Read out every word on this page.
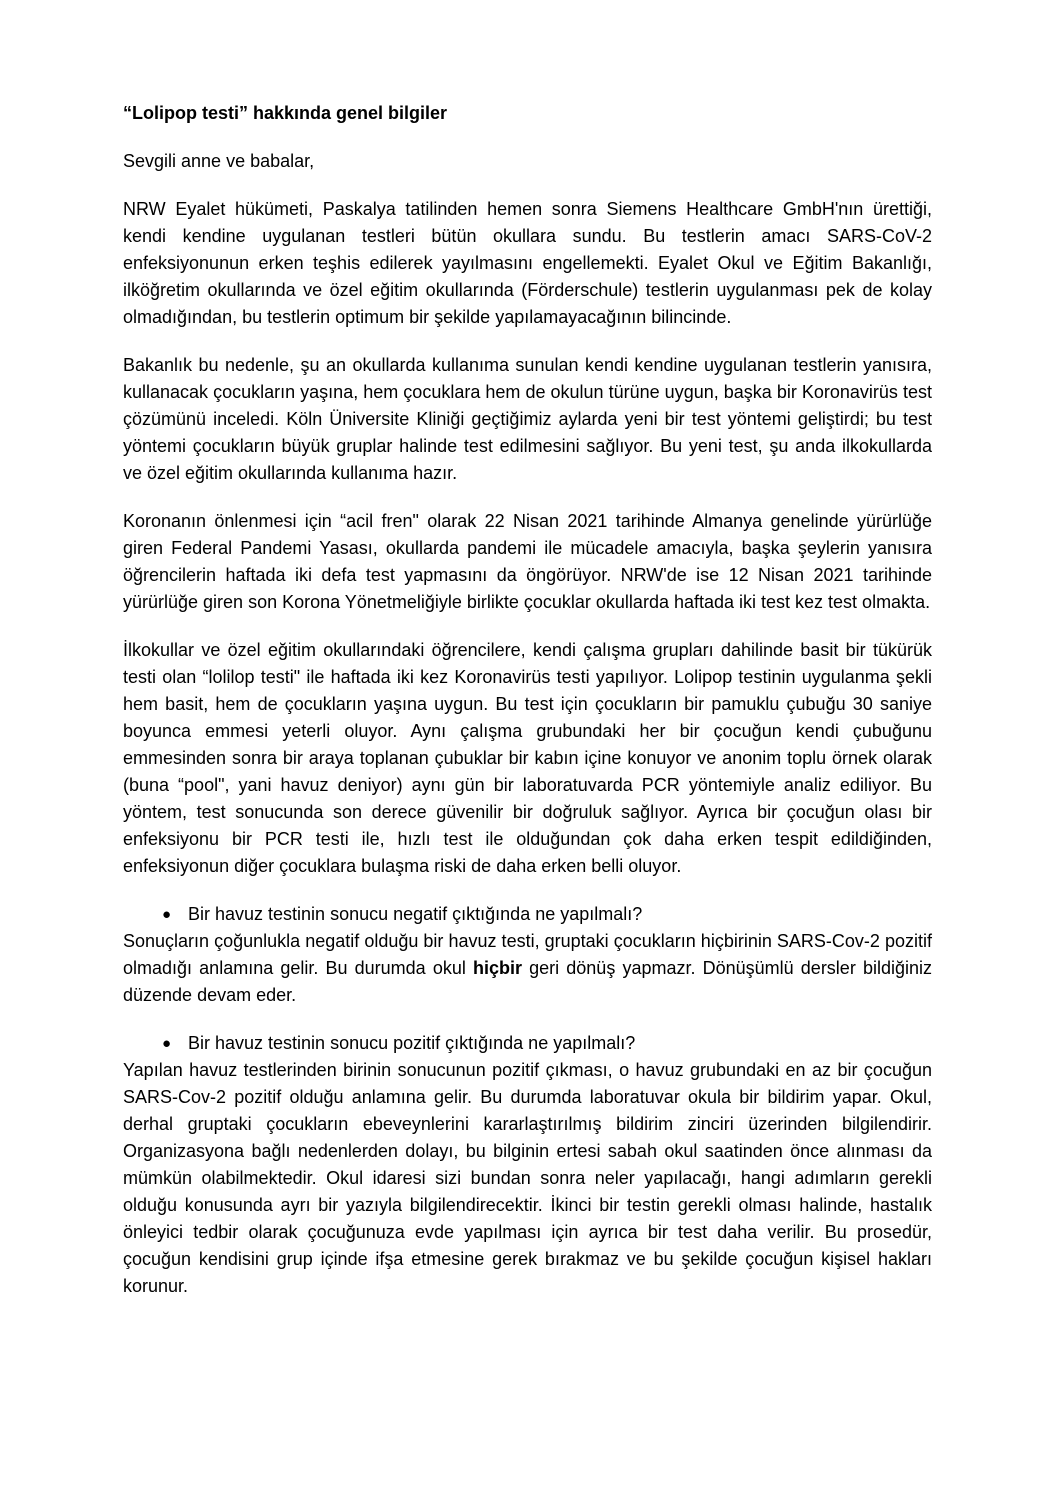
“Lolipop testi” hakkında genel bilgiler

Sevgili anne ve babalar,

NRW Eyalet hükümeti, Paskalya tatilinden hemen sonra Siemens Healthcare GmbH'nın ürettiği, kendi kendine uygulanan testleri bütün okullara sundu. Bu testlerin amacı SARS-CoV-2 enfeksiyonunun erken teşhis edilerek yayılmasını engellemekti. Eyalet Okul ve Eğitim Bakanlığı, ilköğretim okullarında ve özel eğitim okullarında (Förderschule) testlerin uygulanması pek de kolay olmadığından, bu testlerin optimum bir şekilde yapılamayacağının bilincinde.

Bakanlık bu nedenle, şu an okullarda kullanıma sunulan kendi kendine uygulanan testlerin yanısıra, kullanacak çocukların yaşına, hem çocuklara hem de okulun türüne uygun, başka bir Koronavirüs test çözümünü inceledi. Köln Üniversite Kliniği geçtiğimiz aylarda yeni bir test yöntemi geliştirdi; bu test yöntemi çocukların büyük gruplar halinde test edilmesini sağlıyor. Bu yeni test, şu anda ilkokullarda ve özel eğitim okullarında kullanıma hazır.

Koronanın önlenmesi için “acil fren" olarak 22 Nisan 2021 tarihinde Almanya genelinde yürürlüğe giren Federal Pandemi Yasası, okullarda pandemi ile mücadele amacıyla, başka şeylerin yanısıra öğrencilerin haftada iki defa test yapmasını da öngörüyor. NRW'de ise 12 Nisan 2021 tarihinde yürürlüğe giren son Korona Yönetmeliğiyle birlikte çocuklar okullarda haftada iki test kez test olmakta.

İlkokullar ve özel eğitim okullarındaki öğrencilere, kendi çalışma grupları dahilinde basit bir tükürük testi olan “lolilop testi" ile haftada iki kez Koronavirüs testi yapılıyor. Lolipop testinin uygulanma şekli hem basit, hem de çocukların yaşına uygun. Bu test için çocukların bir pamuklu çubuğu 30 saniye boyunca emmesi yeterli oluyor. Aynı çalışma grubundaki her bir çocuğun kendi çubuğunu emmesinden sonra bir araya toplanan çubuklar bir kabın içine konuyor ve anonim toplu örnek olarak (buna “pool", yani havuz deniyor) aynı gün bir laboratuvarda PCR yöntemiyle analiz ediliyor. Bu yöntem, test sonucunda son derece güvenilir bir doğruluk sağlıyor. Ayrıca bir çocuğun olası bir enfeksiyonu bir PCR testi ile, hızlı test ile olduğundan çok daha erken tespit edildiğinden, enfeksiyonun diğer çocuklara bulaşma riski de daha erken belli oluyor.

● Bir havuz testinin sonucu negatif çıktığında ne yapılmalı?

Sonuçların çoğunlukla negatif olduğu bir havuz testi, gruptaki çocukların hiçbirinin SARS-Cov-2 pozitif olmadığı anlamına gelir. Bu durumda okul hiçbir geri dönüş yapmazr. Dönüşümlü dersler bildiğiniz düzende devam eder.

● Bir havuz testinin sonucu pozitif çıktığında ne yapılmalı?

Yapılan havuz testlerinden birinin sonucunun pozitif çıkması, o havuz grubundaki en az bir çocuğun SARS-Cov-2 pozitif olduğu anlamına gelir. Bu durumda laboratuvar okula bir bildirim yapar. Okul, derhal gruptaki çocukların ebeveynlerini kararlaştırılmış bildirim zinciri üzerinden bilgilendirir. Organizasyona bağlı nedenlerden dolayı, bu bilginin ertesi sabah okul saatinden önce alınması da mümkün olabilmektedir. Okul idaresi sizi bundan sonra neler yapılacağı, hangi adımların gerekli olduğu konusunda ayrı bir yazıyla bilgilendirecektir. İkinci bir testin gerekli olması halinde, hastalık önleyici tedbir olarak çocuğunuza evde yapılması için ayrıca bir test daha verilir. Bu prosedür, çocuğun kendisini grup içinde ifşa etmesine gerek bırakmaz ve bu şekilde çocuğun kişisel hakları korunur.
